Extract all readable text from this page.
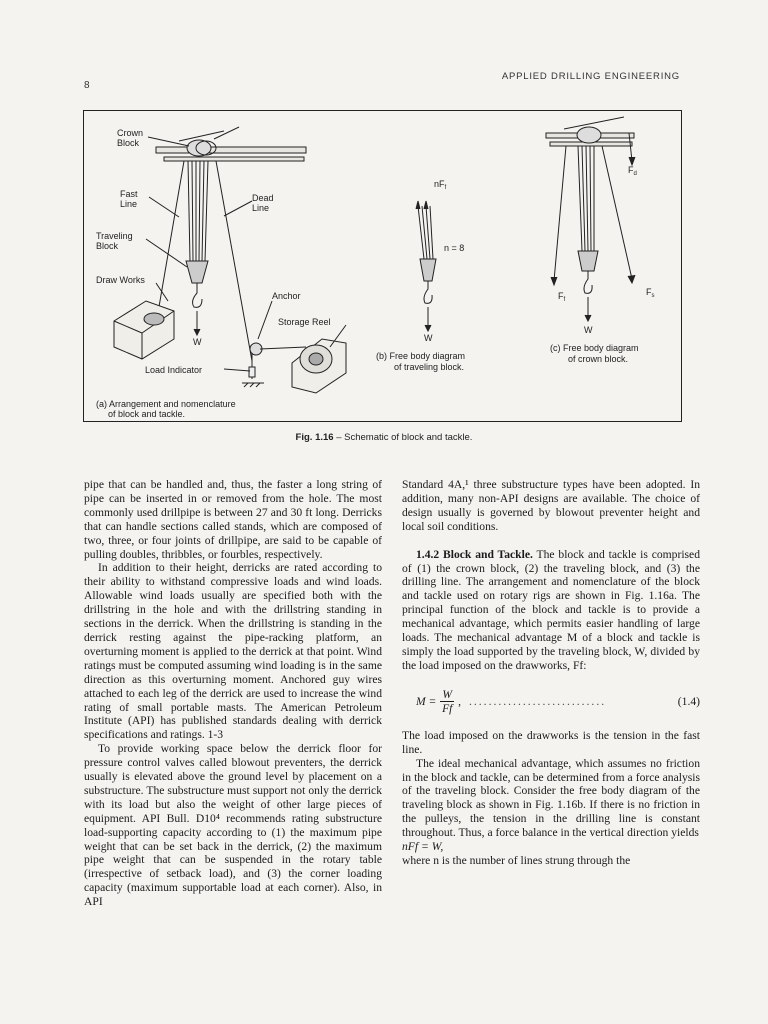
8
APPLIED DRILLING ENGINEERING
Crown
Block
Fast
Line
Dead
Line
Traveling
Block
Draw Works
Anchor
Storage Reel
Load Indicator
W
(a) Arrangement and nomenclature
of block and tackle.
$nF_f$
n = 8
W
(b) Free body diagram
of traveling block.
$F_d$
$F_f$
$F_s$
W
(c) Free body diagram
of crown block.
Fig. 1.16 – Schematic of block and tackle.

pipe that can be handled and, thus, the faster a long string of pipe can be inserted in or removed from the hole. The most commonly used drillpipe is between 27 and 30 ft long. Derricks that can handle sections called stands, which are composed of two, three, or four joints of drillpipe, are said to be capable of pulling doubles, thribbles, or fourbles, respectively.

In addition to their height, derricks are rated according to their ability to withstand compressive loads and wind loads. Allowable wind loads usually are specified both with the drillstring in the hole and with the drillstring standing in sections in the derrick. When the drillstring is standing in the derrick resting against the pipe-racking platform, an overturning moment is applied to the derrick at that point. Wind ratings must be computed assuming wind loading is in the same direction as this overturning moment. Anchored guy wires attached to each leg of the derrick are used to increase the wind rating of small portable masts. The American Petroleum Institute (API) has published standards dealing with derrick specifications and ratings. 1-3

To provide working space below the derrick floor for pressure control valves called blowout preventers, the derrick usually is elevated above the ground level by placement on a substructure. The substructure must support not only the derrick with its load but also the weight of other large pieces of equipment. API Bull. D10⁴ recommends rating substructure load-supporting capacity according to (1) the maximum pipe weight that can be set back in the derrick, (2) the maximum pipe weight that can be suspended in the rotary table (irrespective of setback load), and (3) the corner loading capacity (maximum supportable load at each corner). Also, in API

Standard 4A,¹ three substructure types have been adopted. In addition, many non-API designs are available. The choice of design usually is governed by blowout preventer height and local soil conditions.

1.4.2 Block and Tackle. The block and tackle is comprised of (1) the crown block, (2) the traveling block, and (3) the drilling line. The arrangement and nomenclature of the block and tackle used on rotary rigs are shown in Fig. 1.16a. The principal function of the block and tackle is to provide a mechanical advantage, which permits easier handling of large loads. The mechanical advantage M of a block and tackle is simply the load supported by the traveling block, W, divided by the load imposed on the drawworks, Ff:

$M = \frac{W}{Ff}$ , ............................	(1.4)

The load imposed on the drawworks is the tension in the fast line.

The ideal mechanical advantage, which assumes no friction in the block and tackle, can be determined from a force analysis of the traveling block. Consider the free body diagram of the traveling block as shown in Fig. 1.16b. If there is no friction in the pulleys, the tension in the drilling line is constant throughout. Thus, a force balance in the vertical direction yields

nFf = W,

where n is the number of lines strung through the
